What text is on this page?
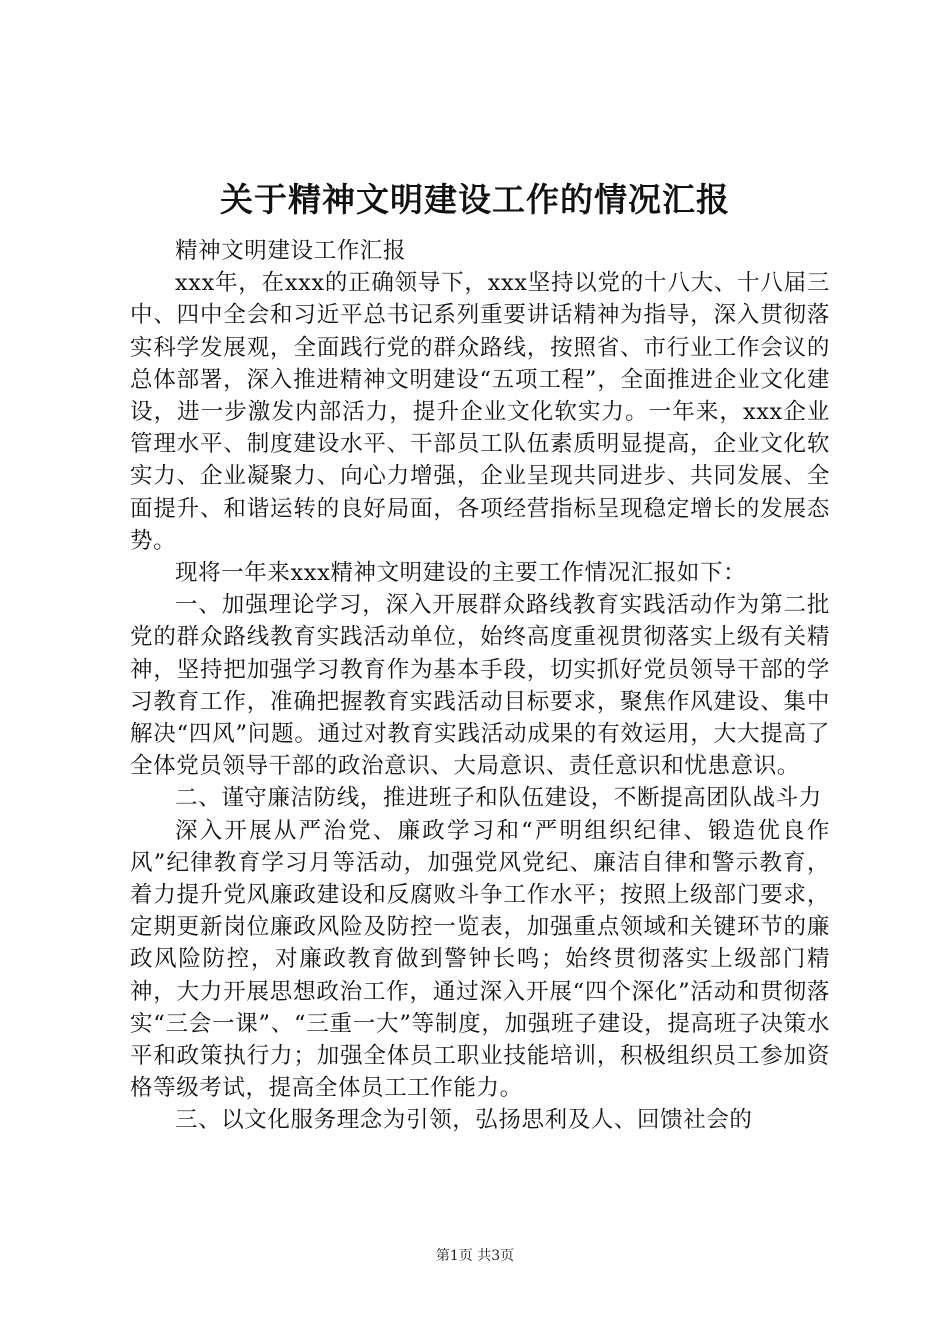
关于精神文明建设工作的情况汇报

精神文明建设工作汇报

xxx年，在xxx的正确领导下，xxx坚持以党的十八大、十八届三中、四中全会和习近平总书记系列重要讲话精神为指导，深入贯彻落实科学发展观，全面践行党的群众路线，按照省、市行业工作会议的总体部署，深入推进精神文明建设“五项工程”，全面推进企业文化建设，进一步激发内部活力，提升企业文化软实力。一年来，xxx企业管理水平、制度建设水平、干部员工队伍素质明显提高，企业文化软实力、企业凝聚力、向心力增强，企业呈现共同进步、共同发展、全面提升、和谐运转的良好局面，各项经营指标呈现稳定增长的发展态势。

现将一年来xxx精神文明建设的主要工作情况汇报如下：

一、加强理论学习，深入开展群众路线教育实践活动作为第二批党的群众路线教育实践活动单位，始终高度重视贯彻落实上级有关精神，坚持把加强学习教育作为基本手段，切实抓好党员领导干部的学习教育工作，准确把握教育实践活动目标要求，聚焦作风建设、集中解决“四风”问题。通过对教育实践活动成果的有效运用，大大提高了全体党员领导干部的政治意识、大局意识、责任意识和忧患意识。

二、谨守廉洁防线，推进班子和队伍建设，不断提高团队战斗力

深入开展从严治党、廉政学习和“严明组织纪律、锻造优良作风”纪律教育学习月等活动，加强党风党纪、廉洁自律和警示教育，着力提升党风廉政建设和反腐败斗争工作水平；按照上级部门要求，定期更新岗位廉政风险及防控一览表，加强重点领域和关键环节的廉政风险防控，对廉政教育做到警钟长鸣；始终贯彻落实上级部门精神，大力开展思想政治工作，通过深入开展“四个深化”活动和贯彻落实“三会一课”、“三重一大”等制度，加强班子建设，提高班子决策水平和政策执行力；加强全体员工职业技能培训，积极组织员工参加资格等级考试，提高全体员工工作能力。

三、以文化服务理念为引领，弘扬思利及人、回馈社会的

第1页 共3页
